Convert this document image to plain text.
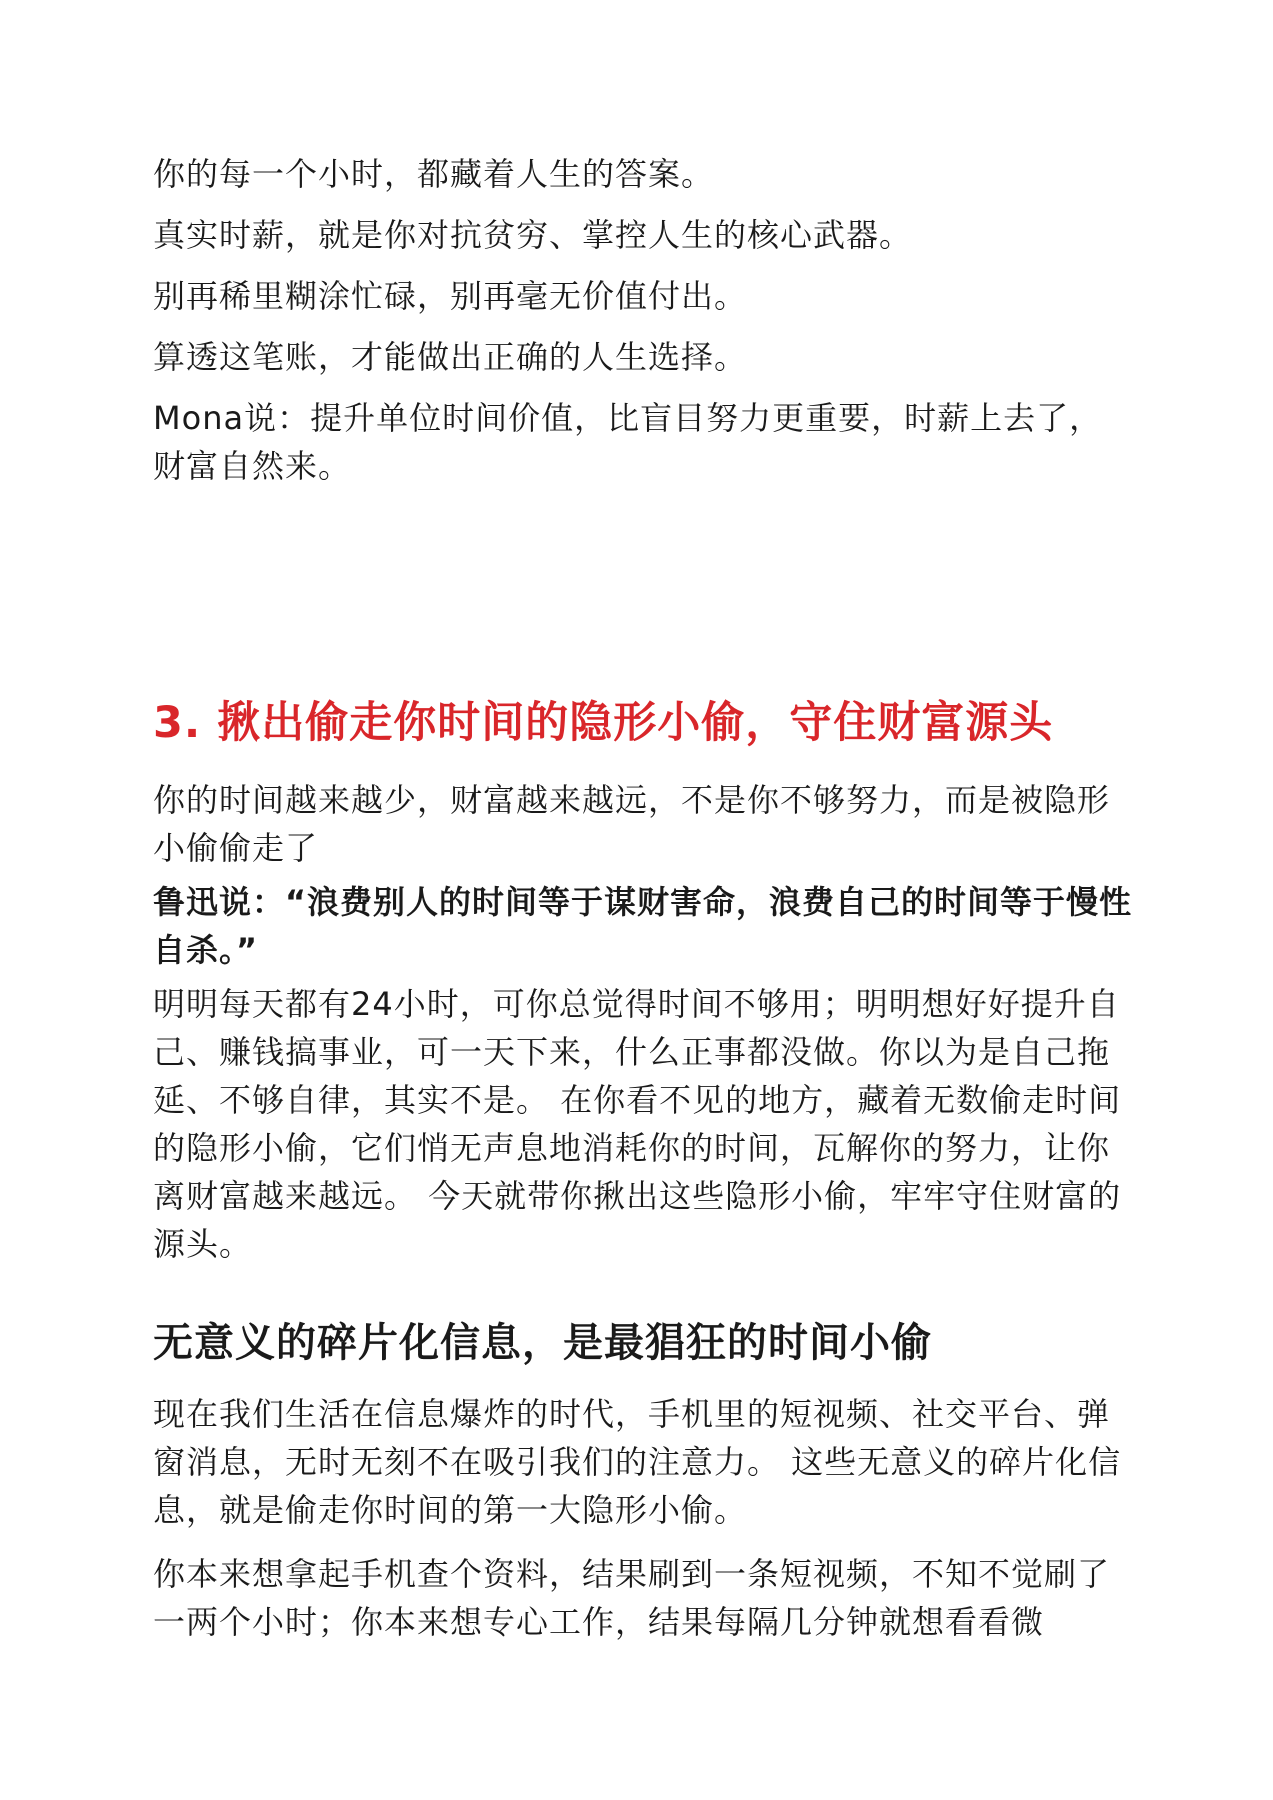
你的每一个小时，都藏着人生的答案。

真实时薪，就是你对抗贫穷、掌控人生的核心武器。

别再稀里糊涂忙碌，别再毫无价值付出。

算透这笔账，才能做出正确的人生选择。

Mona说：提升单位时间价值，比盲目努力更重要，时薪上去了，财富自然来。

3. 揪出偷走你时间的隐形小偷，守住财富源头

你的时间越来越少，财富越来越远，不是你不够努力，而是被隐形小偷偷走了

鲁迅说：“浪费别人的时间等于谋财害命，浪费自己的时间等于慢性自杀。”

明明每天都有24小时，可你总觉得时间不够用；明明想好好提升自己、赚钱搞事业，可一天下来，什么正事都没做。你以为是自己拖延、不够自律，其实不是。 在你看不见的地方，藏着无数偷走时间的隐形小偷，它们悄无声息地消耗你的时间，瓦解你的努力，让你离财富越来越远。 今天就带你揪出这些隐形小偷，牢牢守住财富的源头。

无意义的碎片化信息，是最猖狂的时间小偷

现在我们生活在信息爆炸的时代，手机里的短视频、社交平台、弹窗消息，无时无刻不在吸引我们的注意力。 这些无意义的碎片化信息，就是偷走你时间的第一大隐形小偷。

你本来想拿起手机查个资料，结果刷到一条短视频，不知不觉刷了一两个小时；你本来想专心工作，结果每隔几分钟就想看看微
